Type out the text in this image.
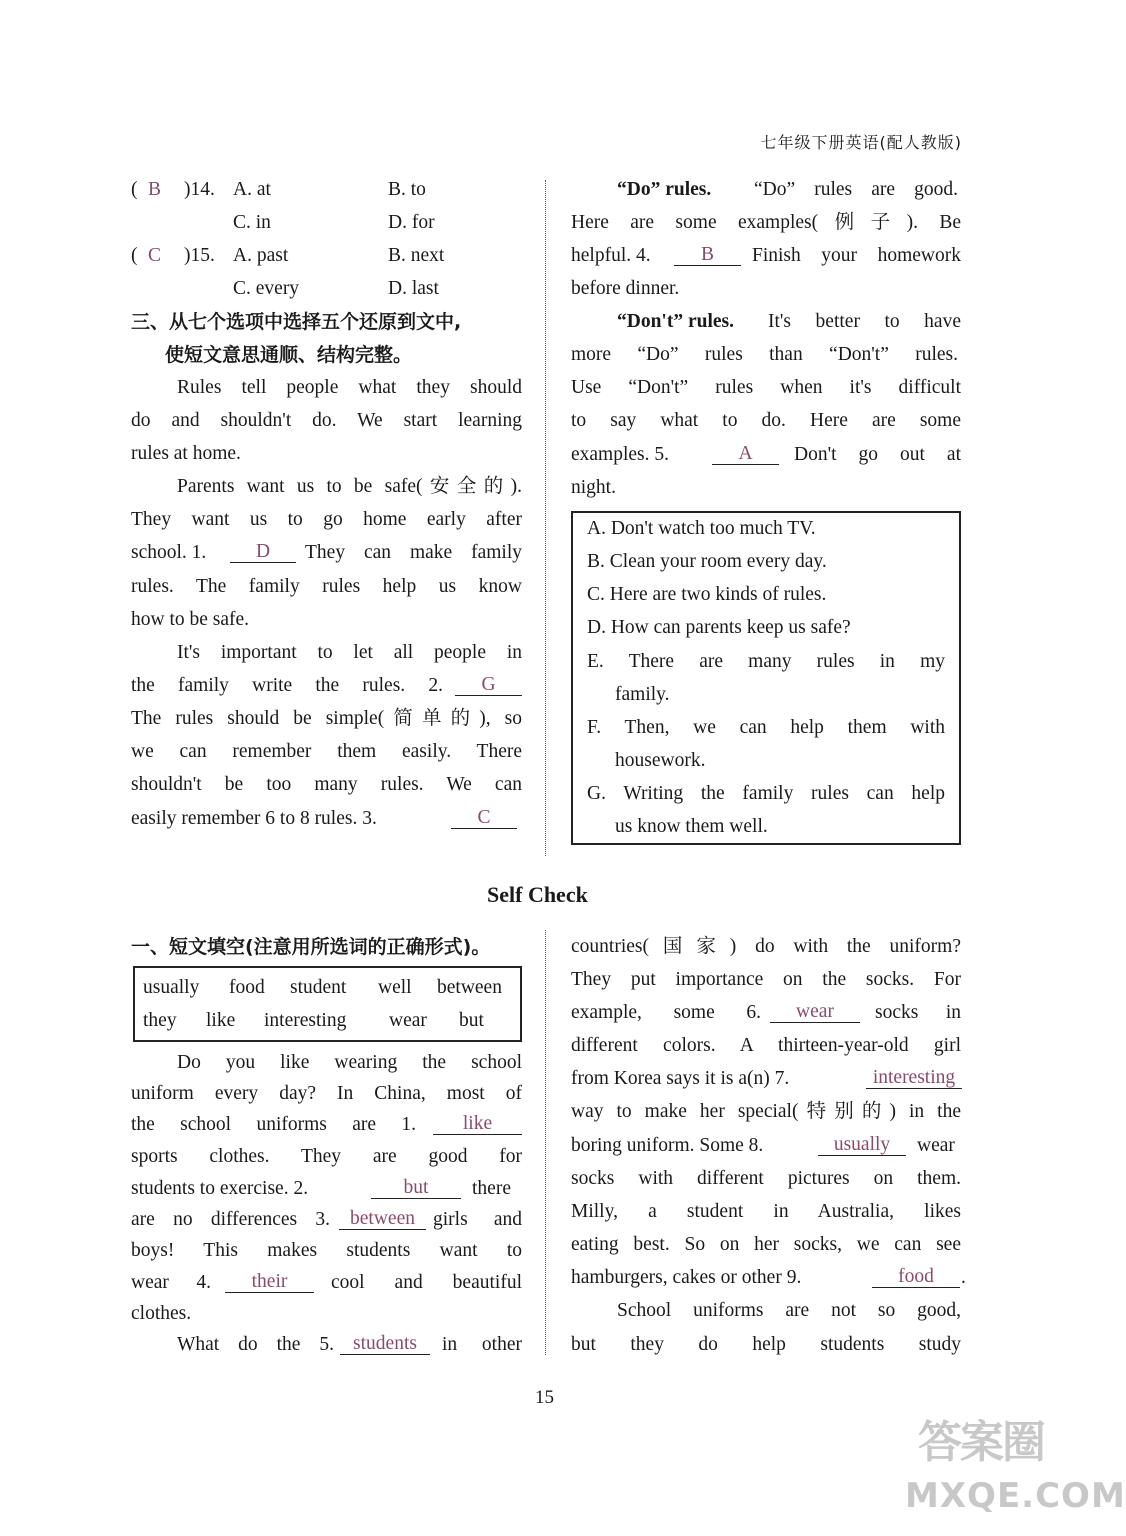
七年级下册英语(配人教版)
( B	)14. A. at	B. to
C. in	D. for
( C	)15. A. past	B. next
C. every	D. last
三、从七个选项中选择五个还原到文中,
使短文意思通顺、结构完整。
Rules tell people what they should
do and shouldn't do. We start learning
rules at home.
Parents want us to be safe(安全的).
They want us to go home early after
school. 1.	D	They can make family
rules. The family rules help us know
how to be safe.
It's important to let all people in
the family write the rules. 2.	G
The rules should be simple(简单的), so
we can remember them easily. There
shouldn't be too many rules. We can
easily remember 6 to 8 rules. 3.	C
“Do” rules. “Do” rules are good.
Here are some examples(例子). Be
helpful. 4.	B	Finish your homework
before dinner.
“Don't” rules. It's better to have
more “Do” rules than “Don't” rules.
Use “Don't” rules when it's difficult
to say what to do. Here are some
examples. 5.	A	Don't go out at
night.
A. Don't watch too much TV.
B. Clean your room every day.
C. Here are two kinds of rules.
D. How can parents keep us safe?
E. There are many rules in my
family.
F. Then, we can help them with
housework.
G. Writing the family rules can help
us know them well.
Self Check
一、短文填空(注意用所选词的正确形式)。
usually food student well between
they like interesting wear but
Do you like wearing the school
uniform every day? In China, most of
the school uniforms are 1.	like
sports clothes. They are good for
students to exercise. 2.	but	there
are no differences 3.	between girls and
boys! This makes students want to
wear 4.	their	cool and beautiful
clothes.
What do the 5. students	in other
countries(国家) do with the uniform?
They put importance on the socks. For
example, some 6.	wear	socks in
different colors. A thirteen-year-old girl
from Korea says it is a(n) 7.	interesting
way to make her special(特别的) in the
boring uniform. Some 8.	usually	wear
socks with different pictures on them.
Milly, a student in Australia, likes
eating best. So on her socks, we can see
hamburgers, cakes or other 9.	food	.
School uniforms are not so good,
but they do help students study
15
答案圈
MXQE.COM
